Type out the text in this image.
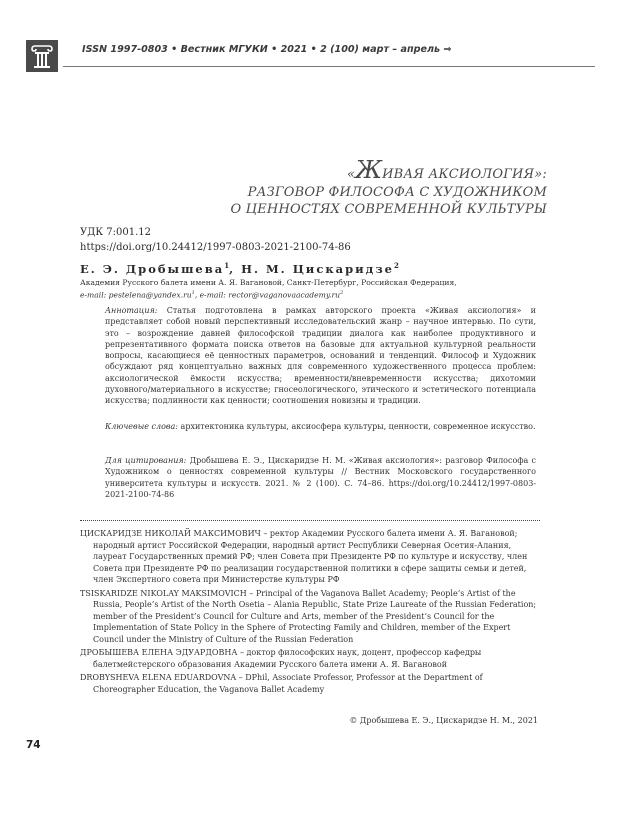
ISSN 1997-0803 • Вестник МГУКИ • 2021 • 2 (100) март – апрель ⇒
«ЖИВАЯ АКСИОЛОГИЯ»:
РАЗГОВОР ФИЛОСОФА С ХУДОЖНИКОМ
О ЦЕННОСТЯХ СОВРЕМЕННОЙ КУЛЬТУРЫ
УДК 7:001.12
https://doi.org/10.24412/1997-0803-2021-2100-74-86
Е. Э. Дробышева$^1$, Н. М. Цискаридзе$^2$
Академия Русского балета имени А. Я. Вагановой, Санкт-Петербург, Российская Федерация,
e-mail: $pestelena@yandex.ru^1$, e-mail: $rector@vaganovaacademy.ru^2$
Аннотация: Статья подготовлена в рамках авторского проекта «Живая аксиология» и представляет собой новый перспективный исследовательский жанр – научное интервью. По сути, это – возрождение давней философской традиции диалога как наиболее продуктивного и репрезентативного формата поиска ответов на базовые для актуальной культурной реальности вопросы, касающиеся её ценностных параметров, оснований и тенденций. Философ и Художник обсуждают ряд концептуально важных для современного художественного процесса проблем: аксиологической ёмкости искусства; временности/вневременности искусства; дихотомии духовного/материального в искусстве; гносеологического, этического и эстетического потенциала искусства; подлинности как ценности; соотношения новизны и традиции.
Ключевые слова: архитектоника культуры, аксиосфера культуры, ценности, современное искусство.
Для цитирования: Дробышева Е. Э., Цискаридзе Н. М. «Живая аксиология»: разговор Философа с Художником о ценностях современной культуры // Вестник Московского государственного университета культуры и искусств. 2021. № 2 (100). С. 74–86. https://doi.org/10.24412/1997-0803-2021-2100-74-86
ЦИСКАРИДЗЕ НИКОЛАЙ МАКСИМОВИЧ – ректор Академии Русского балета имени А. Я. Вагановой; народный артист Российской Федерации, народный артист Республики Северная Осетия-Алания, лауреат Государственных премий РФ; член Совета при Президенте РФ по культуре и искусству, член Совета при Президенте РФ по реализации государственной политики в сфере защиты семьи и детей, член Экспертного совета при Министерстве культуры РФ
TSISKARIDZE NIKOLAY MAKSIMOVICH – Principal of the Vaganova Ballet Academy; People’s Artist of the Russia, People’s Artist of the North Osetia – Alania Republic, State Prize Laureate of the Russian Federation; member of the President’s Council for Culture and Arts, member of the President’s Council for the Implementation of State Policy in the Sphere of Protecting Family and Children, member of the Expert Council under the Ministry of Culture of the Russian Federation
ДРОБЫШЕВА ЕЛЕНА ЭДУАРДОВНА – доктор философских наук, доцент, профессор кафедры балетмейстерского образования Академии Русского балета имени А. Я. Вагановой
DROBYSHEVA ELENA EDUARDOVNA – DPhil, Associate Professor, Professor at the Department of Choreographer Education, the Vaganova Ballet Academy
© Дробышева Е. Э., Цискаридзе Н. М., 2021
74
